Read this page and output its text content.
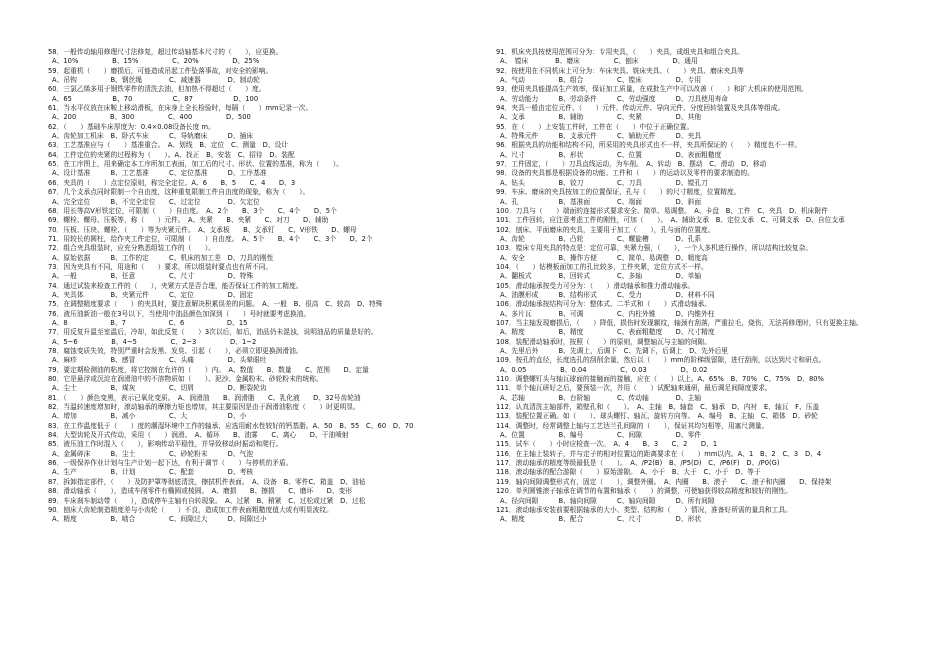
58．一般传动轴用修理尺寸法修复，超过传动轴基本尺寸的（　　），应更换。
A、10%　　　　　B、15%　　　　　C、20%　　　　　D、25%
59．起重机（　　）磨损后，可能造成吊起工件坠落事故，对安全的影响。
A、吊钩　　　　　B、钢丝绳　　　　C、减速器　　　　D、制动轮
60．三氯乙烯多用于钢铁零件的清洗去油，但加热不得超过（　　）度。
A、65　　　　　　B、70　　　　　　C、87　　　　　　D、100
61．当水平仪放在床鞍上移动滑板，在床身上全长检验时，每隔（　　）mm记录一次。
A、200　　　　　B、300　　　　　C、400　　　　　D、500
62．（　　）基础车床厚度为：0.4×0.08设备长度 m。
A、齿轮加工机床　B、卧式车床　　　C、导轨磨床　　　D、插床
63．工艺基准应与（　　）基准重合。　A、划线　B、定位　C、测量　D、设计
64．工件定位的夹紧的过程称为（　　）。A、找正　B、安装　C、招待　D、装配
65．在工序图上，用来确定本工序所加工表面，加工后的尺寸、形状、位置的基准，称为（　　）。
A、设计基准　　　B、工艺基准　　　C、定位基准　　　D、工序基准
66．夹具的（　　）点定位原则，称完全定位。A、6　　B、5　　C、4　　D、3
67．几个支承点同时限制一个自由度，这种重复限制工件自由度的现象，称为（　　）。
A、完全定位　　　B、不完全定位　　C、过定位　　　　D、欠定位
68．用长等高V形铁定位，可限制（　　）自由度。　A、2个　　B、3个　　C、4个　　D、5个
69．螺栓、螺母、压板等，称（　　）元件。　A、夹紧　　B、夹紧　　C、对刀　　D、辅助
70．压板、压块、螺栓、（　　）等为夹紧元件。　A、支承板　　B、支承钉　　C、V形铁　　D、螺母
71．用较长的圆柱，给作夹工件定位，可限制（　　）自由度。　A、5个　　B、4个　　C、3个　　D、2个
72．组合夹具组装时，应充分熟悉组装工作的（　　）。
A、原始依据　　　B、工作的定　　　C、机床的加工差　D、刀具的刚性
73．因为夹具有不同，用途和（　　）要求，所以组装时要点也有所不同。
A、一般　　　　　B、任意　　　　　C、尺寸　　　　　D、特殊
74．通过试装来检查工件的（　　），夹紧方式是否合理，能否保证工件的加工精度。
A、夹具体　　　　B、夹紧元件　　　C、定位　　　　　D、固定
75．在调整精度要求（　　）的夹具时，要注意解决积累误差的问题。　A、一般　B、很高　C、较高　D、特殊
76．液压油新油一般在3号以下，当使用中油品颜色加深到（　　）号时就要考虑换油。
A、8　　　　　　 B、7　　　　　　 C、6　　　　　　 D、15
77．用反复升温至室温后，冷却，如此反复（　　）3次以后，如后，油品仍未混浊，说明油品的质量是好的。
A、5~6　　　　　B、4~5　　　　　C、2~3　　　　　D、1~2
78．腐蚀变质失效，特别严重时会发黑、发臭、引起（　　），必须立即更换润滑油。
A、麻疹　　　　　B、感冒　　　　　C、头痛　　　　　D、头晕眼吐
79．要定期检测油的粘度，将它控制在允许的（　　）内。　A、数值　　B、数量　　C、范围　　D、定量
80．它是悬浮或沉淀在润滑油中的不溶物质如（　　）、泥沙、金属粉末、砂轮粉末的统称。
A、尘土　　　　　B、煤灰　　　　　C、切屑　　　　　D、断裂轮齿
81．（　　）颜色变黑，表示已氧化变质。　A、润滑油　　B、润滑脂　　C、乳化液　　D、32号齿轮油
82．当温转速度增加时，滚动轴承的摩擦力矩也增加，其主要原因是由于润滑油粘度（　　）时更明显。
A、增加　　　　　B、减小　　　　　C、大　　　　　　D、小
83．在工作温度低于（　　）度的潮湿环境中工作的轴承，应选用耐水性较好的钙基脂。A、50　B、55　C、60　D、70
84．大型齿轮及开式传动，采用（　　）润滑。　A、循环　　B、油雾　　C、离心　　D、干油喷射
85．液压油工作时混入（　　），影响传动平稳性，并导致移动时振动和爬行。
A、金属碎沫　　　B、尘土　　　　　C、砂轮粉末　　　D、气泡
86．一级保养作业计划与生产计划一起下达，有利于调节（　　）与停机的矛盾。
A、生产　　　　　B、计划　　　　　C、配套　　　　　D、考核
87．拆卸指定部件，（　　）及防护罩等彻底清洗，擦拭机件表面。　A、设备　B、零件C、箱盖　D、油毡
88．滑动轴承（　　），造成车削零件有椭圆或棱圆。　A、磨损　　B、擦损　　C、磨坏　　D、变形
89．车床刹车制动带（　　），造成停车主轴有自转现象。　A、过紧　B、稍紧　C、过松或过紧　D、过松
90．刨床大齿轮制造精度差与小齿轮（　　）不良，造成加工件表面粗糙度值大或有明显波纹。
A、精度　　　　　B、啮合　　　　　C、间隙过大　　　D、间隙过小
91．机床夹具按使用范围可分为：专用夹具，（　　）夹具，成组夹具和组合夹具。
A、　镗床　　　　B、磨床　　　　　C、刨床　　　　　D、通用
92．按使用在不同机床上可分为：车床夹具、铣床夹具、（　　）夹具、磨床夹具等
A、气动　　　　　B、组合　　　　　C、镗床　　　　　D、专用
93．使用夹具能提高生产效率，保证加工质量，在成批生产中可以改善（　　）和扩大机床的使用范围。
A、劳动能力　　　B、劳动条件　　　C、劳动强度　　　D、刀具使用寿命
94．夹具一般由定位元件、（　　）元件、传动元件、导向元件、分度回转装置及夹具体等组成。
A、支承　　　　　B、辅助　　　　　C、夹紧　　　　　D、其他
95．在（　　）上安装工件时，工件在（　　）中位于正确位置。
A、特殊元件　　　B、支承元件　　　C、辅助元件　　　D、夹具
96．根据夹具的功能和结构不同，所采用的夹具形式也不一样，夹具所保证的（　　）精度也不一样。
A、尺寸　　　　　B、形状　　　　　C、位置　　　　　D、表面粗糙度
97．工件固定，（　　）刀具直线运动，为车削。　A、转动　B、摆动　C、滑动　D、移动
98．设备的夹具都是根据设备的功能、工件和（　　）的运动以及零件的要求制造的。
A、钻头　　　　　B、铰刀　　　　　C、刀具　　　　　D、镗孔刀
99．车床、磨床的夹具按加工的位置保证，孔与（　　）的尺寸精度，位置精度。
A、孔　　　　　　B、基准面　　　　C、端面　　　　　D、斜面
100．刀具与（　　）端面的连接形式要求安全、简单、易调整。　A、卡盘　B、工件　C、夹具　D、机床附件
101．工件回转，应注意考虑工件的刚性，可加（　　）。　A、辅助支承　B、定位支承　C、可调支承　D、自位支承
102．刨床、平面磨床的夹具，主要用于加工（　　），孔与面的位置度。
A、齿轮　　　　　B、凸轮　　　　　C、螺旋槽　　　　D、孔系
103．镗床专用夹具的特点是：定位可靠，夹紧力强，（　　），一个人多机进行操作，所以结构比较复杂。
A、安全　　　　　B、操作方便　　　C、简单、易调整　D、精度高
104．（　　）钻模板面加工的孔比较多，工件夹紧，定位方式不一样。
A、翻板式　　　　B、回转式　　　　C、多轴　　　　　D、单轴
105．滑动轴承按受力可分为：（　　）滑动轴承和推力滑动轴承。
A、油膜形成　　　B、结构形式　　　C、受力　　　　　D、材料不同
106．滑动轴承按结构可分为：整体式、二半式和（　　）式滑动轴承。
A、多片瓦　　　　B、可调　　　　　C、内柱外锥　　　D、内锥外柱
107．当主轴发现磨损后，（　　）降低，损伤时发现辗纹，轴颈有刮落，严重拉毛，烧伤，无法再修理时，只有更换主轴。
A、精度　　　　　B、精度　　　　　C、表面粗糙度　　D、尺寸精度
108．装配滑动轴承时，按照（　　）的原则，调整轴瓦与主轴的间隙。
A、先里后外　　　B、先调上，后调下　C、先调下，后调上　D、先外后里
109．按孔的直径，长度选孔的刮削余量，然后以（　　）mm的阶梯级留隙，进行刮削，以达到尺寸和研点。
A、0.05　　　　　B、0.04　　　　　C、0.03　　　　　D、0.02
110．调整螺钉头与轴瓦球面的接触面的接触，应在（　　）以上。A、65%　B、70%　C、75%　D、80%
111．单个轴瓦研好之后，要预装一次，并用（　　）试配轴来通研，最后调足间隙度要求。
A、芯轴　　　　　B、台阶轴　　　　C、传动轴　　　　D、主轴
112．认真清洗主轴部件，箱壁孔和（　　）。　A、主轴　B、轴套　C、轴承　D、内衬　E、轴瓦　F、压盖
113．装配位置正确。如（　　）、球头螺钉、轴瓦、旋转方向等。　A、编号　B、主轴　C、箱体　D、砂轮
114．调整时，经常调整上轴与工艺达兰孔间隙的（　　），保证其均匀相等，用塞尺测量。
A、位置　　　　　B、编号　　　　　C、间隙　　　　　D、零件
115．试车（　　）小时应检查一次。　A、4　　B、3　　C、2　　D、1
116．在主轴上装转子，并与定子的相对位置边的距离要求在（　　）mm以内。A、1　B、2　C、3　D、4
117．滚动轴承的精度等级最低是（　　）。　A、/P2(B)　B、/P5(D)　C、/P6(F)　D、/P0(G)
118．滚动轴承的配合游隙（　　）原始游隙。　A、小于　B、大于　C、小于　D、等于
119．轴向间隙调整形式有，固定（　　），调整外圈。　A、内圈　　B、滚子　　C、滚子和内圈　　D、保持架
120．单列圆锥滚子轴承在调节的布置和轴承（　　）的调整，可使轴获得较高精度和较好的刚性。
A、径向间隙　　　B、轴向间隙　　　C、轴向间隙　　　D、所有间隙
121．滚动轴承安装前要根据轴承的大小、类型、结构和（　　）情况，准备好所需的量具和工具。
A、精度　　　　　B、配合　　　　　C、尺寸　　　　　D、形状
